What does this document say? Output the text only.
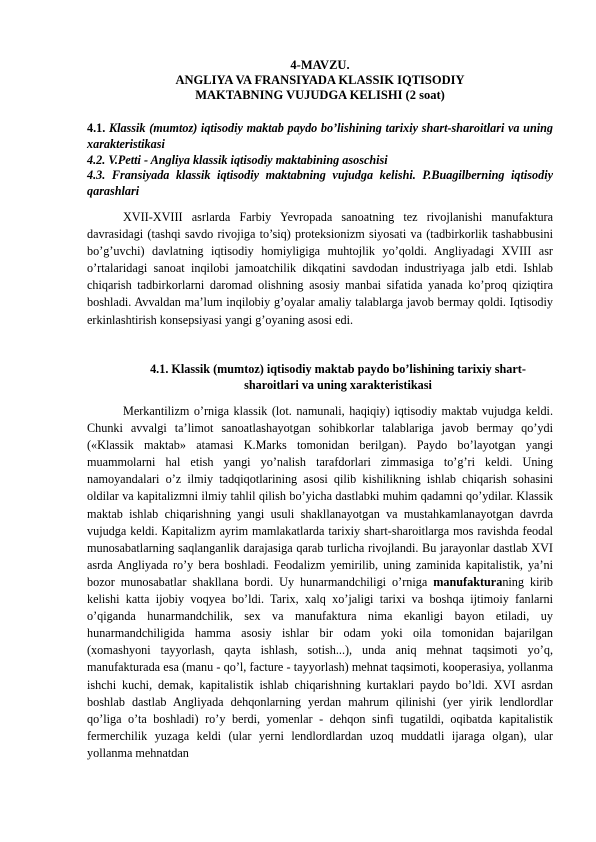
4-MAVZU.
ANGLIYA VA FRANSIYADA KLASSIK IQTISODIY
MAKTABNING VUJUDGA KELISHI (2 soat)

4.1. Klassik (mumtoz) iqtisodiy maktab paydo bo’lishining tarixiy shart-sharoitlari va uning xarakteristikasi

4.2. V.Petti - Angliya klassik iqtisodiy maktabining asoschisi

4.3. Fransiyada klassik iqtisodiy maktabning vujudga kelishi. P.Buagilberning iqtisodiy qarashlari

XVII-XVIII asrlarda Farbiy Yevropada sanoatning tez rivojlanishi manufaktura davrasidagi (tashqi savdo rivojiga to’siq) proteksionizm siyosati va (tadbirkorlik tashabbusini bo’g’uvchi) davlatning iqtisodiy homiyligiga muhtojlik yo’qoldi. Angliyadagi XVIII asr o’rtalaridagi sanoat inqilobi jamoatchilik dikqatini savdodan industriyaga jalb etdi. Ishlab chiqarish tadbirkorlarni daromad olishning asosiy manbai sifatida yanada ko’proq qiziqtira boshladi. Avvaldan ma’lum inqilobiy g’oyalar amaliy talablarga javob bermay qoldi. Iqtisodiy erkinlashtirish konsepsiyasi yangi g’oyaning asosi edi.

4.1. Klassik (mumtoz) iqtisodiy maktab paydo bo’lishining tarixiy shart-sharoitlari va uning xarakteristikasi

Merkantilizm o’rniga klassik (lot. namunali, haqiqiy) iqtisodiy maktab vujudga keldi. Chunki avvalgi ta’limot sanoatlashayotgan sohibkorlar talablariga javob bermay qo’ydi («Klassik maktab» atamasi K.Marks tomonidan berilgan). Paydo bo’layotgan yangi muammolarni hal etish yangi yo’nalish tarafdorlari zimmasiga to’g’ri keldi. Uning namoyandalari o’z ilmiy tadqiqotlarining asosi qilib kishilikning ishlab chiqarish sohasini oldilar va kapitalizmni ilmiy tahlil qilish bo’yicha dastlabki muhim qadamni qo’ydilar. Klassik maktab ishlab chiqarishning yangi usuli shakllanayotgan va mustahkamlanayotgan davrda vujudga keldi. Kapitalizm ayrim mamlakatlarda tarixiy shart-sharoitlarga mos ravishda feodal munosabatlarning saqlanganlik darajasiga qarab turlicha rivojlandi. Bu jarayonlar dastlab XVI asrda Angliyada ro’y bera boshladi. Feodalizm yemirilib, uning zaminida kapitalistik, ya’ni bozor munosabatlar shakllana bordi. Uy hunarmandchiligi o’rniga manufakturaning kirib kelishi katta ijobiy voqyea bo’ldi. Tarix, xalq xo’jaligi tarixi va boshqa ijtimoiy fanlarni o’qiganda hunarmandchilik, sex va manufaktura nima ekanligi bayon etiladi, uy hunarmandchiligida hamma asosiy ishlar bir odam yoki oila tomonidan bajarilgan (xomashyoni tayyorlash, qayta ishlash, sotish...), unda aniq mehnat taqsimoti yo’q, manufakturada esa (manu - qo’l, facture - tayyorlash) mehnat taqsimoti, kooperasiya, yollanma ishchi kuchi, demak, kapitalistik ishlab chiqarishning kurtaklari paydo bo’ldi. XVI asrdan boshlab dastlab Angliyada dehqonlarning yerdan mahrum qilinishi (yer yirik lendlordlar qo’liga o’ta boshladi) ro’y berdi, yomenlar - dehqon sinfi tugatildi, oqibatda kapitalistik fermerchilik yuzaga keldi (ular yerni lendlordlardan uzoq muddatli ijaraga olgan), ular yollanma mehnatdan
